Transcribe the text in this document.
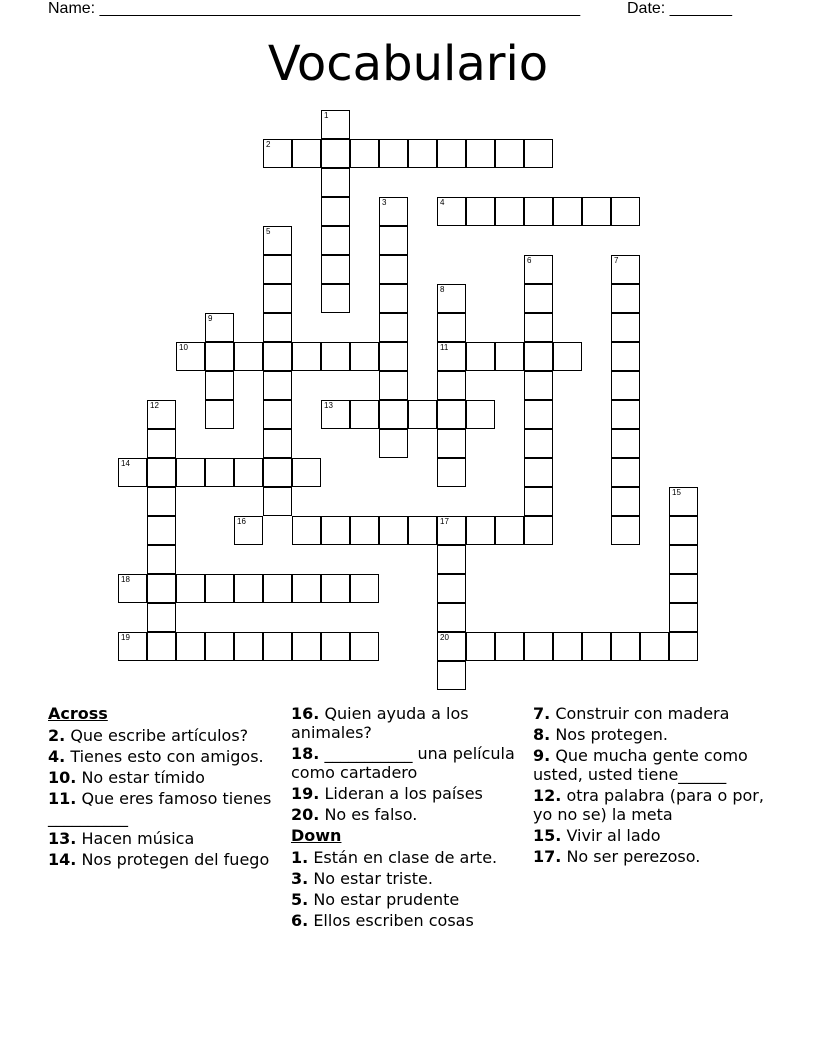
Name: ______________________________________________________	Date: _______
Vocabulario
1
2
3	4
5
6	7
8
9
10	11
12	13
14
15
16	17
18
19	20
Across
2. Que escribe artículos?
4. Tienes esto con amigos.
10. No estar tímido
11. Que eres famoso tienes __________
13. Hacen música
14. Nos protegen del fuego
16. Quien ayuda a los animales?
18. ___________ una película como cartadero
19. Lideran a los países
20. No es falso.
Down
1. Están en clase de arte.
3. No estar triste.
5. No estar prudente
6. Ellos escriben cosas
7. Construir con madera
8. Nos protegen.
9. Que mucha gente como usted, usted tiene______
12. otra palabra (para o por, yo no se) la meta
15. Vivir al lado
17. No ser perezoso.
